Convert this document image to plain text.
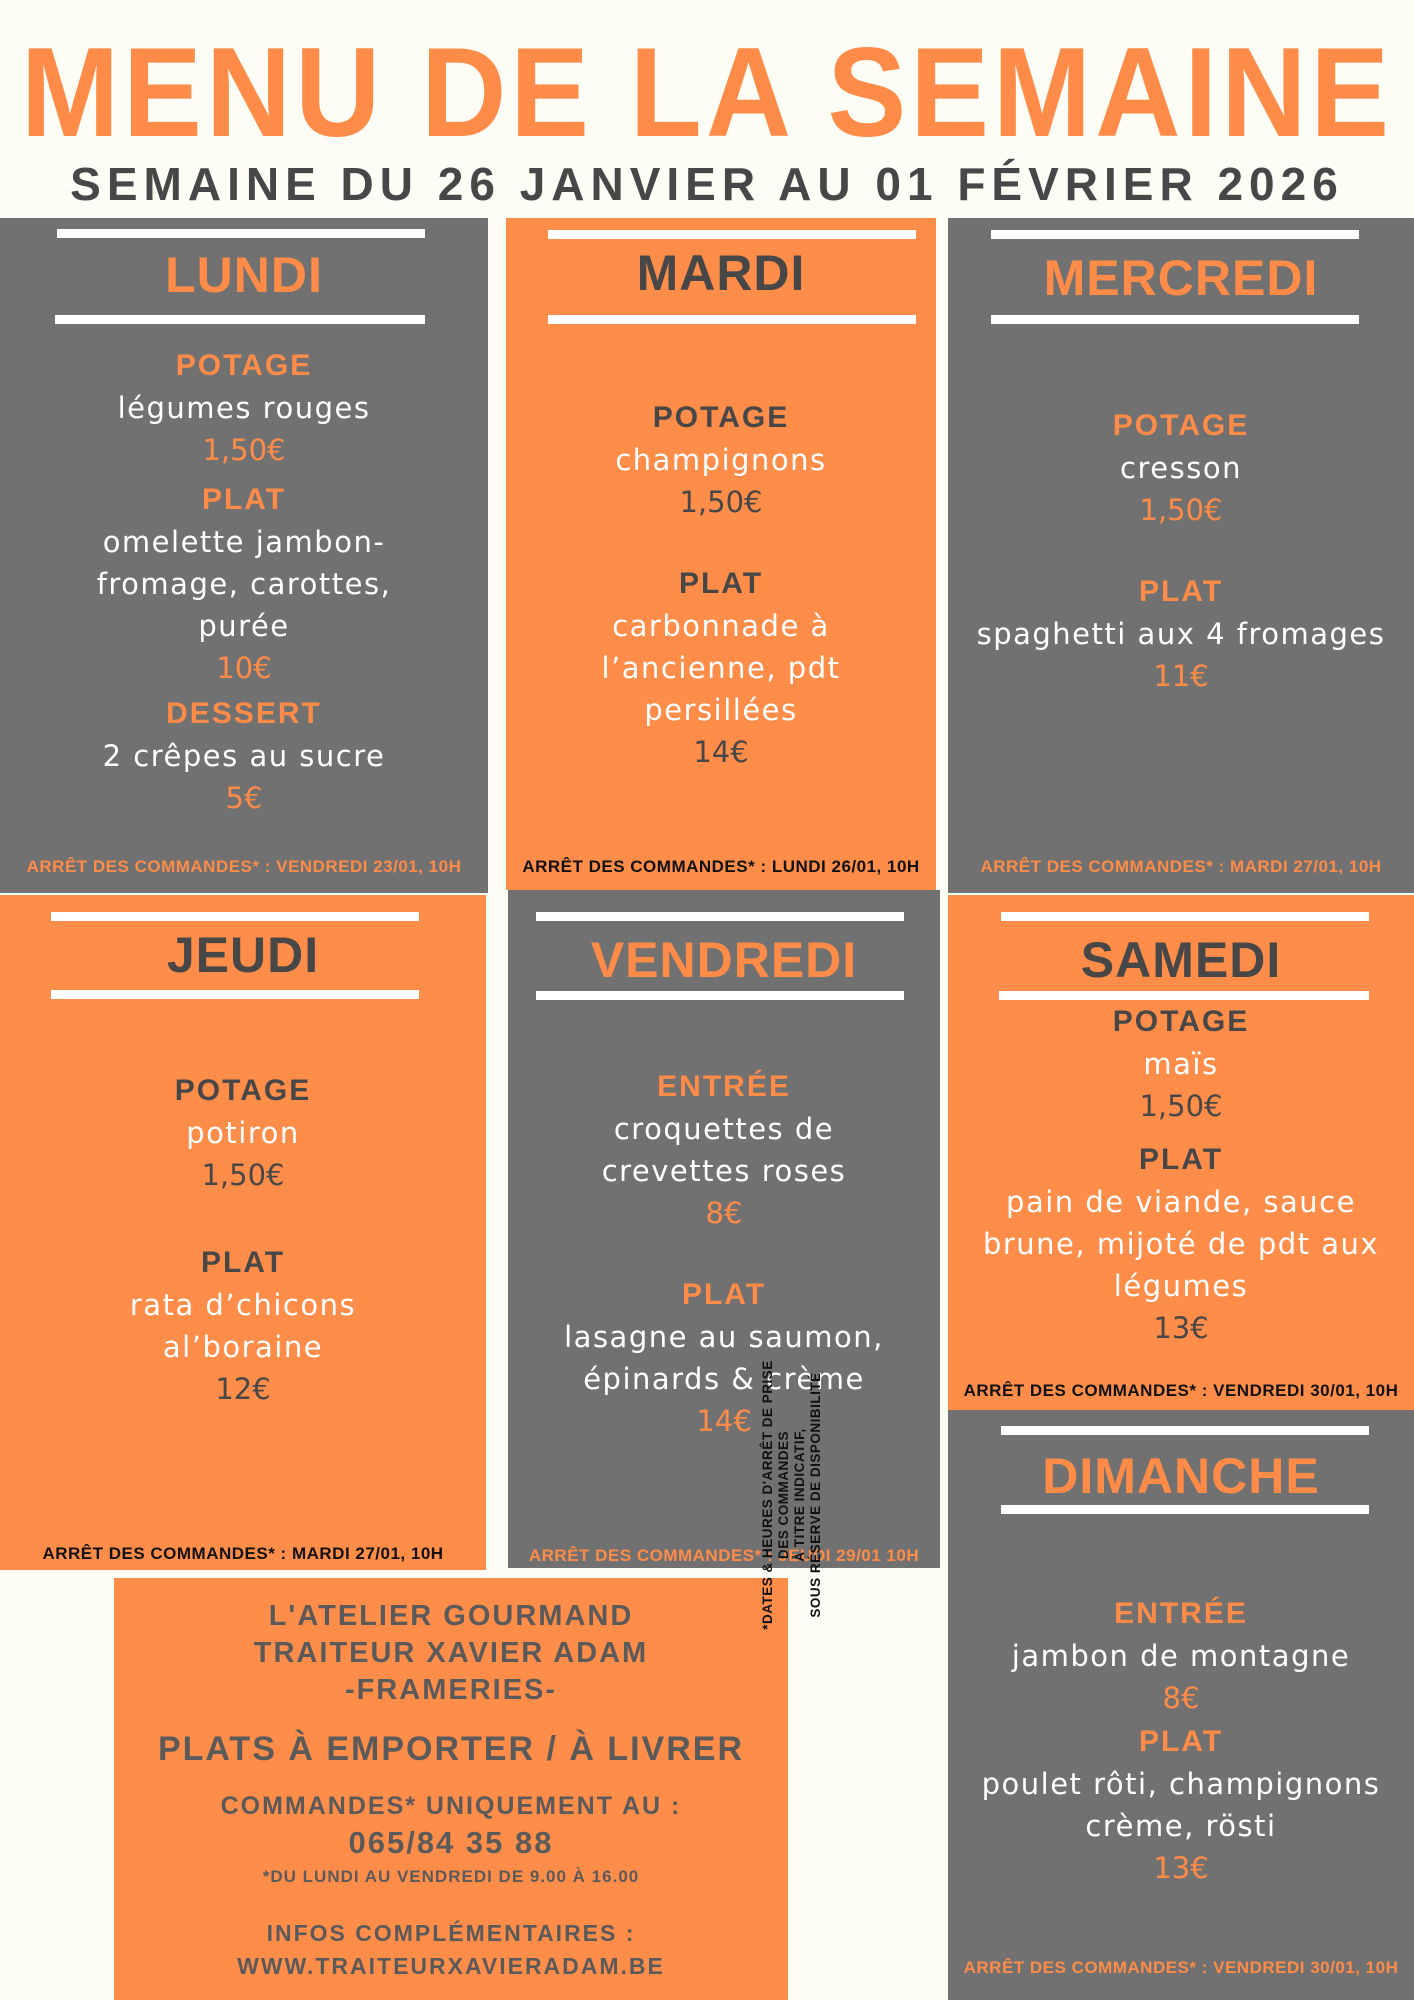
MENU DE LA SEMAINE
SEMAINE DU 26 JANVIER AU 01 FÉVRIER 2026
LUNDI
POTAGE
légumes rouges
1,50€
PLAT
omelette jambon-
fromage, carottes,
purée
10€
DESSERT
2 crêpes au sucre
5€
ARRÊT DES COMMANDES* : VENDREDI 23/01, 10H
MARDI
POTAGE
champignons
1,50€
PLAT
carbonnade à
l’ancienne, pdt
persillées
14€
ARRÊT DES COMMANDES* : LUNDI 26/01, 10H
MERCREDI
POTAGE
cresson
1,50€
PLAT
spaghetti aux 4 fromages
11€
ARRÊT DES COMMANDES* : MARDI 27/01, 10H
JEUDI
POTAGE
potiron
1,50€
PLAT
rata d’chicons
al’boraine
12€
ARRÊT DES COMMANDES* : MARDI 27/01, 10H
VENDREDI
ENTRÉE
croquettes de
crevettes roses
8€
PLAT
lasagne au saumon,
épinards & crème
14€
ARRÊT DES COMMANDES* : JEUDI 29/01 10H
SAMEDI
POTAGE
maïs
1,50€
PLAT
pain de viande, sauce
brune, mijoté de pdt aux
légumes
13€
ARRÊT DES COMMANDES* : VENDREDI 30/01, 10H
DIMANCHE
ENTRÉE
jambon de montagne
8€
PLAT
poulet rôti, champignons
crème, rösti
13€
ARRÊT DES COMMANDES* : VENDREDI 30/01, 10H
L'ATELIER GOURMAND
TRAITEUR XAVIER ADAM
-FRAMERIES-
PLATS À EMPORTER / À LIVRER
COMMANDES* UNIQUEMENT AU :
065/84 35 88
*DU LUNDI AU VENDREDI DE 9.00 À 16.00
INFOS COMPLÉMENTAIRES :
WWW.TRAITEURXAVIERADAM.BE
*DATES & HEURES D'ARRÊT DE PRISE DES COMMANDES À TITRE INDICATIF, SOUS RÉSERVE DE DISPONIBILITÉ
